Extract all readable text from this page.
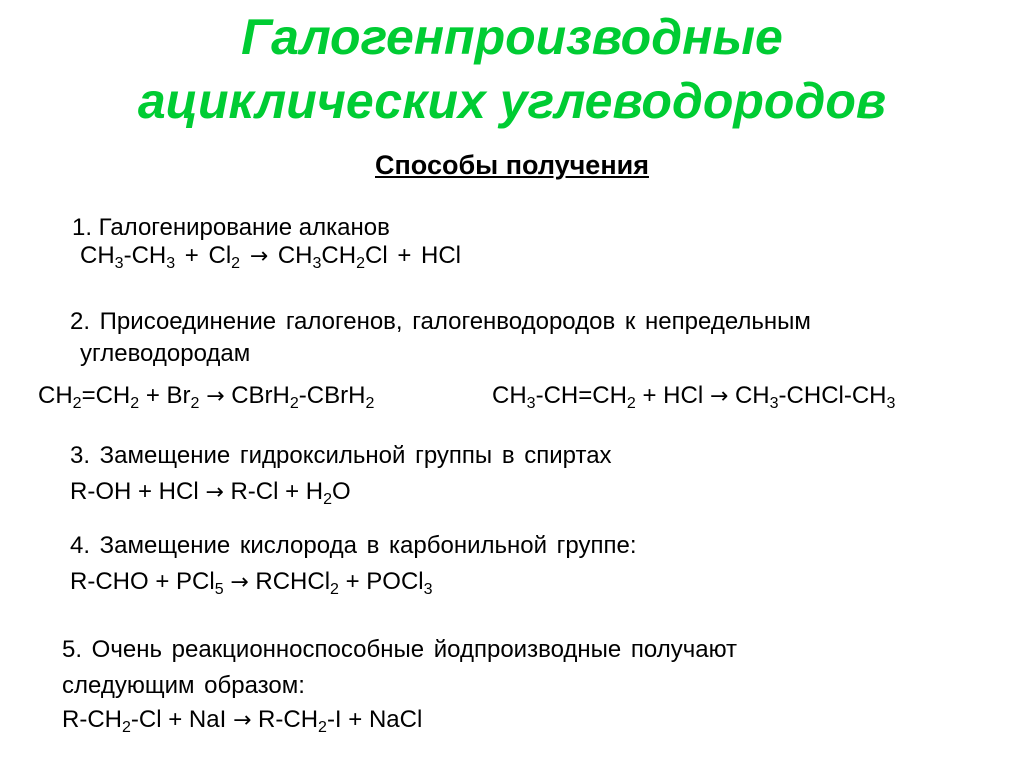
Галогенпроизводные
ациклических углеводородов
Способы получения
1. Галогенирование алканов
$CH_3-CH_3 + Cl_2 \to CH_3CH_2Cl$ + HCl
2. Присоединение галогенов, галогенводородов к непредельным
углеводородам
$CH_2=CH_2 + Br_2$ → CBrH$_2$-CBrH$_2$	$CH_3-CH=CH_2$ + HCl → $CH_3-CHCl-CH_3$
3. Замещение гидроксильной группы в спиртах
R-OH + HCl → $R-Cl + H_2O$
4. Замещение кислорода в карбонильной группе:
R-CHO + PCl$_5$ → RCHCl$_2$ + POCl$_3$
5. Очень реакционноспособные йодпроизводные получают
следующим образом:
$R-CH_2-Cl$ + NaI → $R-CH_2-I$ + NaCl
